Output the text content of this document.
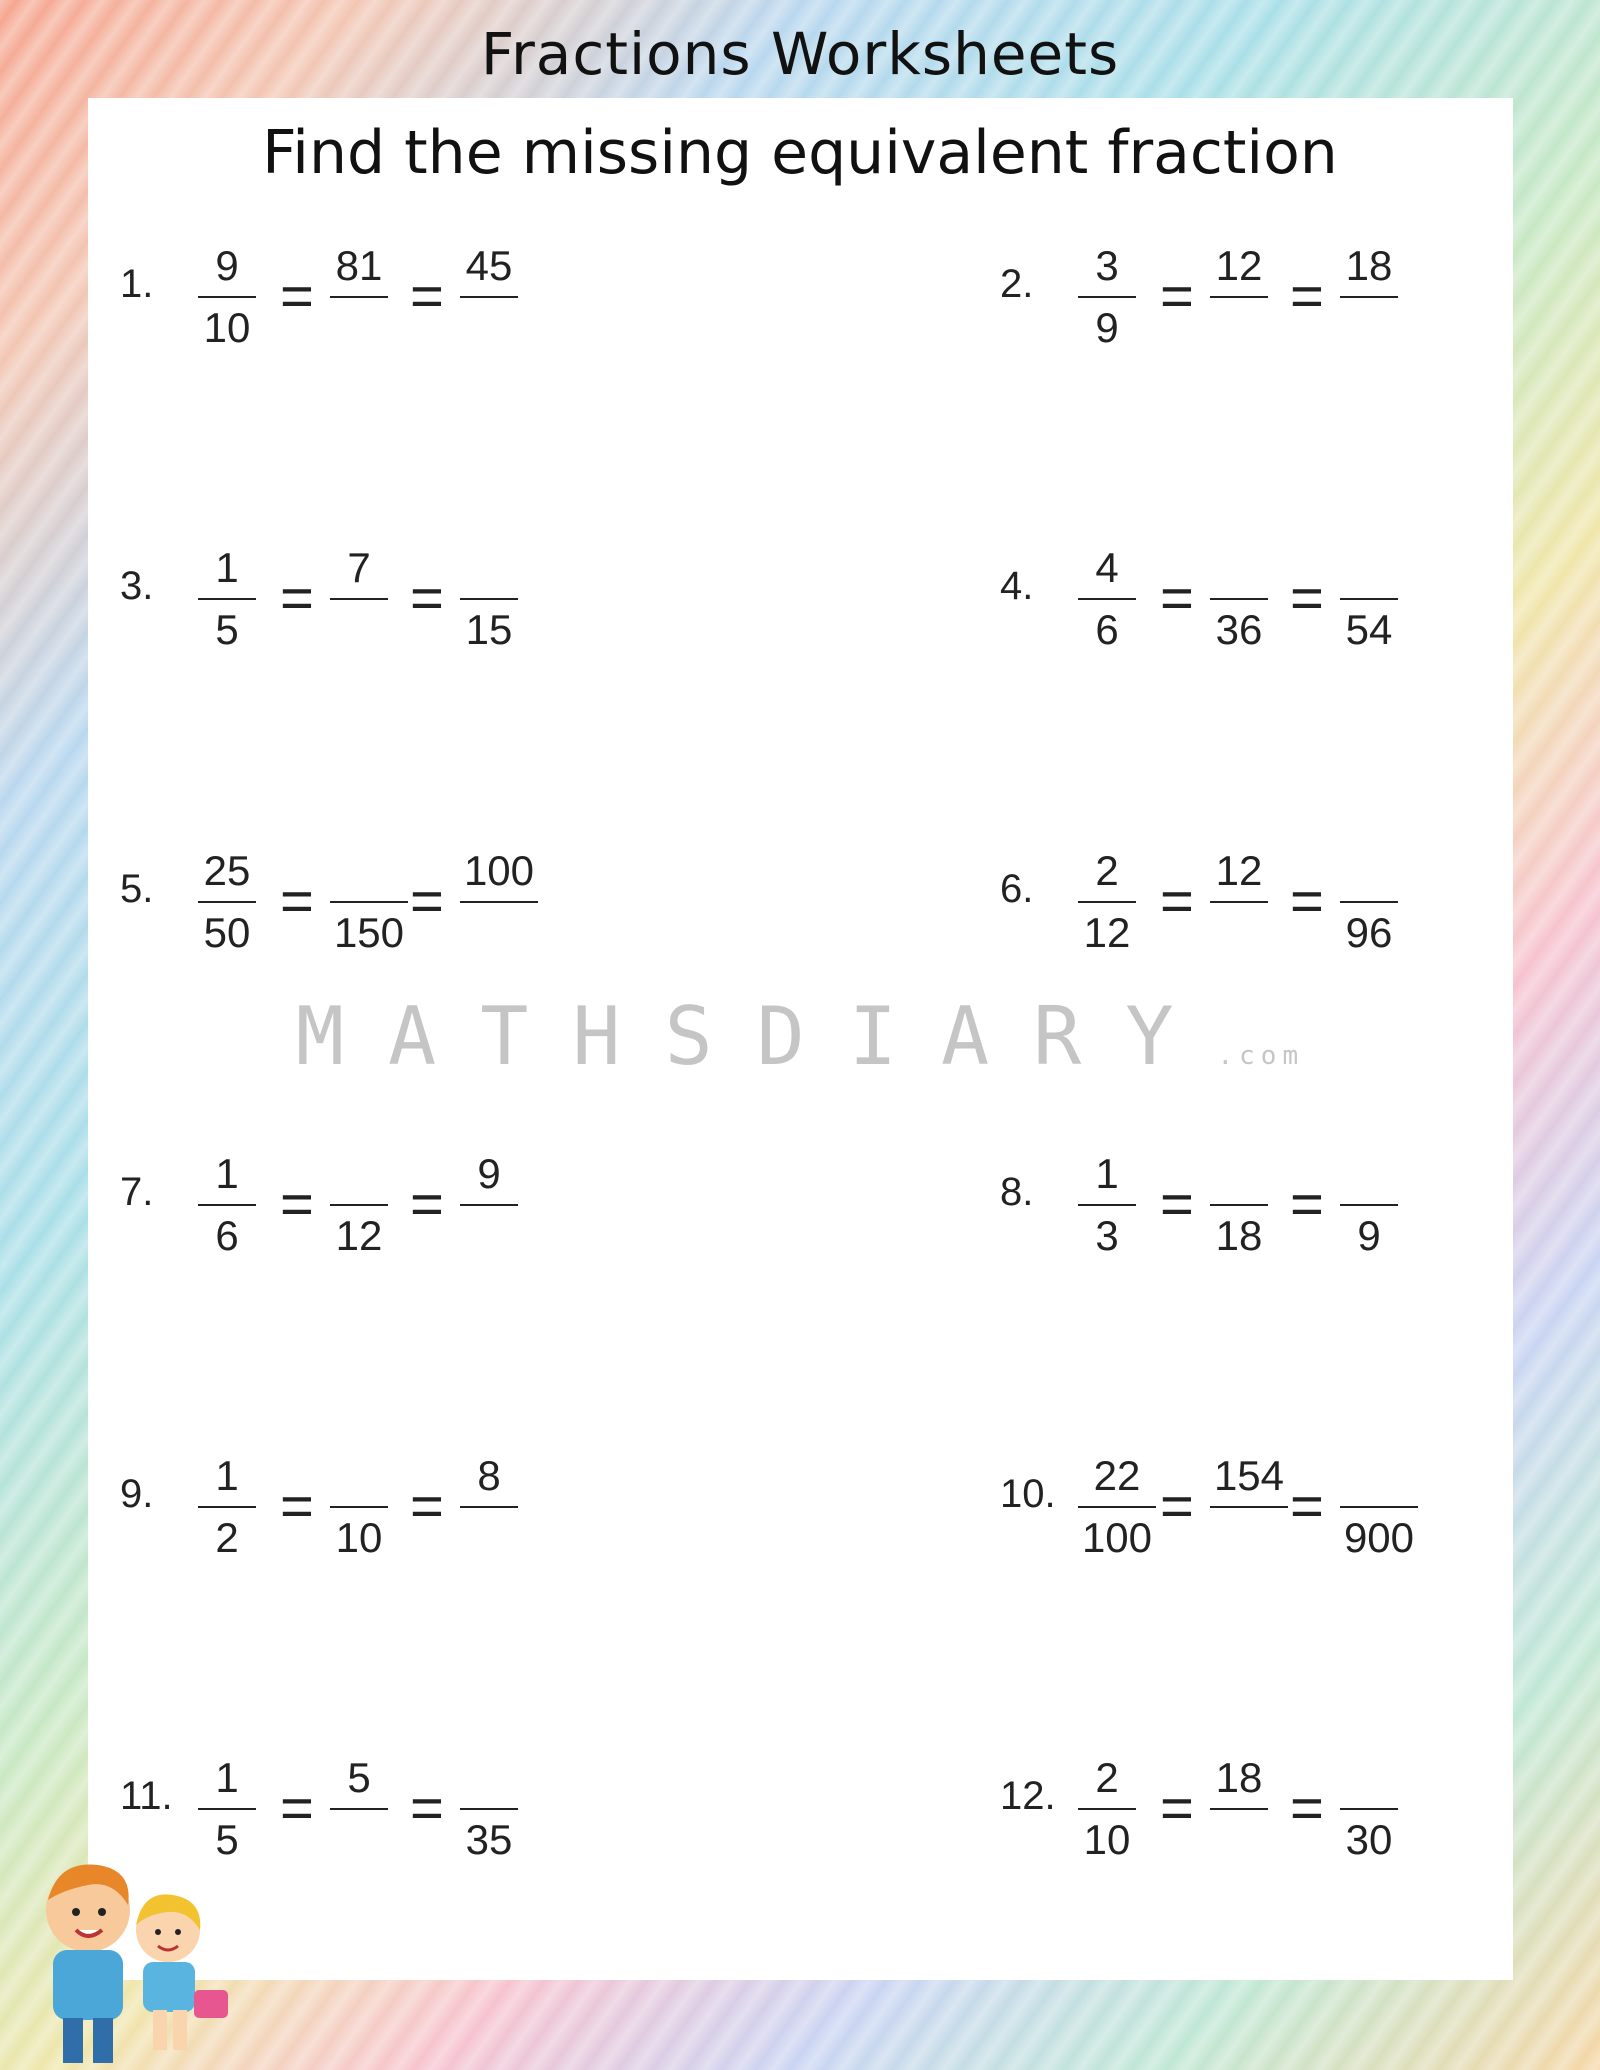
Fractions Worksheets
Find the missing equivalent fraction
1.	9
10
81 45
= =	2.	3
9
12 18
= =
3.	1
5
7
15
= =	4.	4
6	36 54
= =
5. 25
50 150
100
= =	6.	2
12
12
96
= =
7.	1
6	12
9
= =	8.	1
3	18	9
= =
9.	1
2	10
8
= =	10. 22
100
154
900
= =
11.	1
5
5
35
= =	12. 2
10
18
30
= =
MATHSDIARY.com
